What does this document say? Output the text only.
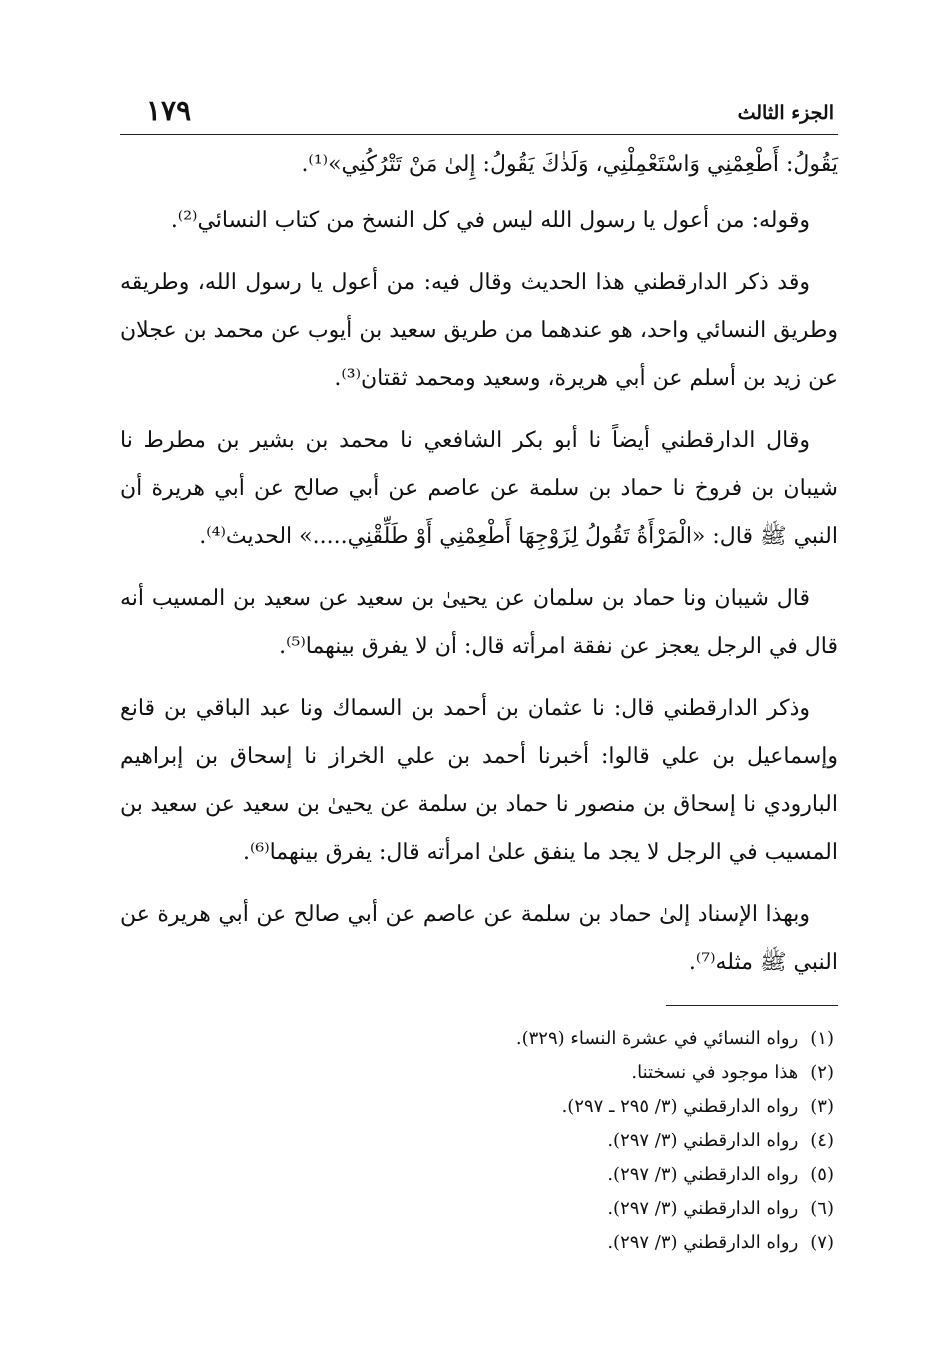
الجزء الثالث
١٧٩

يَقُولُ: أَطْعِمْنِي وَاسْتَعْمِلْنِي، وَلَذٰكَ يَقُولُ: إِلىٰ مَنْ تَتْرُكُنِي»⁽¹⁾.

وقوله: من أعول يا رسول الله ليس في كل النسخ من كتاب النسائي⁽²⁾.

وقد ذكر الدارقطني هذا الحديث وقال فيه: من أعول يا رسول الله، وطريقه وطريق النسائي واحد، هو عندهما من طريق سعيد بن أيوب عن محمد بن عجلان عن زيد بن أسلم عن أبي هريرة، وسعيد ومحمد ثقتان⁽³⁾.

وقال الدارقطني أيضاً نا أبو بكر الشافعي نا محمد بن بشير بن مطرط نا شيبان بن فروخ نا حماد بن سلمة عن عاصم عن أبي صالح عن أبي هريرة أن النبي ﷺ قال: «الْمَرْأَةُ تَقُولُ لِزَوْجِهَا أَطْعِمْنِي أَوْ طَلِّقْنِي.....» الحديث⁽⁴⁾.

قال شيبان ونا حماد بن سلمان عن يحيىٰ بن سعيد عن سعيد بن المسيب أنه قال في الرجل يعجز عن نفقة امرأته قال: أن لا يفرق بينهما⁽⁵⁾.

وذكر الدارقطني قال: نا عثمان بن أحمد بن السماك ونا عبد الباقي بن قانع وإسماعيل بن علي قالوا: أخبرنا أحمد بن علي الخراز نا إسحاق بن إبراهيم البارودي نا إسحاق بن منصور نا حماد بن سلمة عن يحيىٰ بن سعيد عن سعيد بن المسيب في الرجل لا يجد ما ينفق علىٰ امرأته قال: يفرق بينهما⁽⁶⁾.

وبهذا الإسناد إلىٰ حماد بن سلمة عن عاصم عن أبي صالح عن أبي هريرة عن النبي ﷺ مثله⁽⁷⁾.

(١) رواه النسائي في عشرة النساء (٣٢٩).
(٢) هذا موجود في نسختنا.
(٣) رواه الدارقطني (٣/ ٢٩٥ ـ ٢٩٧).
(٤) رواه الدارقطني (٣/ ٢٩٧).
(٥) رواه الدارقطني (٣/ ٢٩٧).
(٦) رواه الدارقطني (٣/ ٢٩٧).
(٧) رواه الدارقطني (٣/ ٢٩٧).
